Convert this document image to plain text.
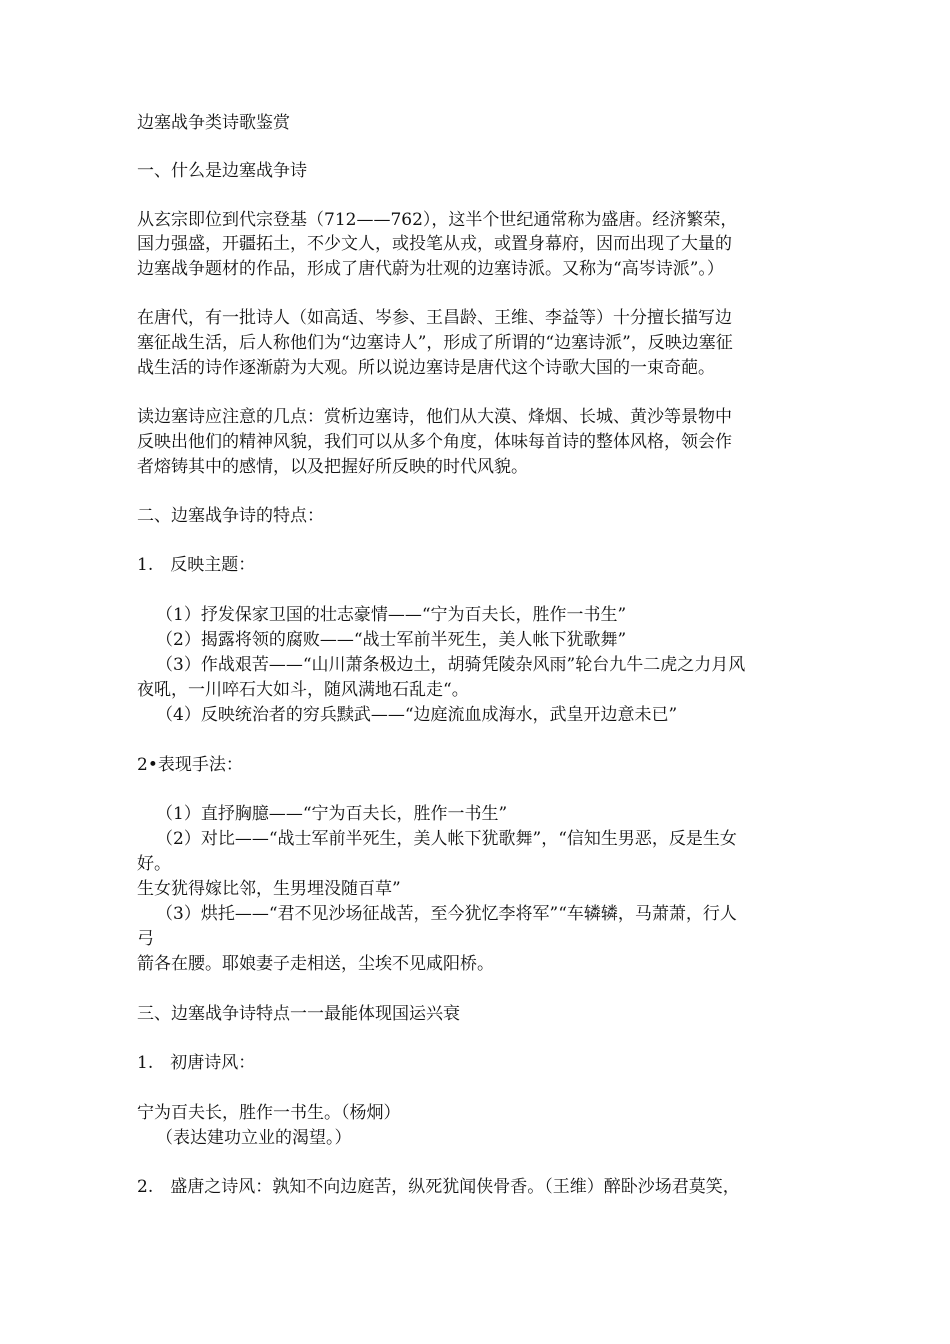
边塞战争类诗歌鉴赏
一、什么是边塞战争诗
从玄宗即位到代宗登基（712——762），这半个世纪通常称为盛唐。经济繁荣，
国力强盛，开疆拓土，不少文人，或投笔从戎，或置身幕府，因而出现了大量的
边塞战争题材的作品，形成了唐代蔚为壮观的边塞诗派。又称为“高岑诗派”。）
在唐代，有一批诗人（如高适、岑参、王昌龄、王维、李益等）十分擅长描写边
塞征战生活，后人称他们为“边塞诗人”，形成了所谓的“边塞诗派”，反映边塞征
战生活的诗作逐渐蔚为大观。所以说边塞诗是唐代这个诗歌大国的一束奇葩。
读边塞诗应注意的几点：赏析边塞诗，他们从大漠、烽烟、长城、黄沙等景物中
反映出他们的精神风貌，我们可以从多个角度，体味每首诗的整体风格，领会作
者熔铸其中的感情，以及把握好所反映的时代风貌。
二、边塞战争诗的特点：
1.　反映主题：
（1）抒发保家卫国的壮志豪情——“宁为百夫长，胜作一书生”
（2）揭露将领的腐败——“战士军前半死生，美人帐下犹歌舞”
（3）作战艰苦——“山川萧条极边土，胡骑凭陵杂风雨”轮台九牛二虎之力月风
夜吼，一川啐石大如斗，随风满地石乱走“。
（4）反映统治者的穷兵黩武——“边庭流血成海水，武皇开边意未已”
2•表现手法：
（1）直抒胸臆——“宁为百夫长，胜作一书生”
（2）对比——“战士军前半死生，美人帐下犹歌舞”，“信知生男恶，反是生女
好。
生女犹得嫁比邻，生男埋没随百草”
（3）烘托——“君不见沙场征战苦，至今犹忆李将军”“车辚辚，马萧萧，行人
弓
箭各在腰。耶娘妻子走相送，尘埃不见咸阳桥。
三、边塞战争诗特点一一最能体现国运兴衰
1.　初唐诗风：
宁为百夫长，胜作一书生。（杨炯）
（表达建功立业的渴望。）
2.　盛唐之诗风：孰知不向边庭苦，纵死犹闻侠骨香。（王维）醉卧沙场君莫笑，
